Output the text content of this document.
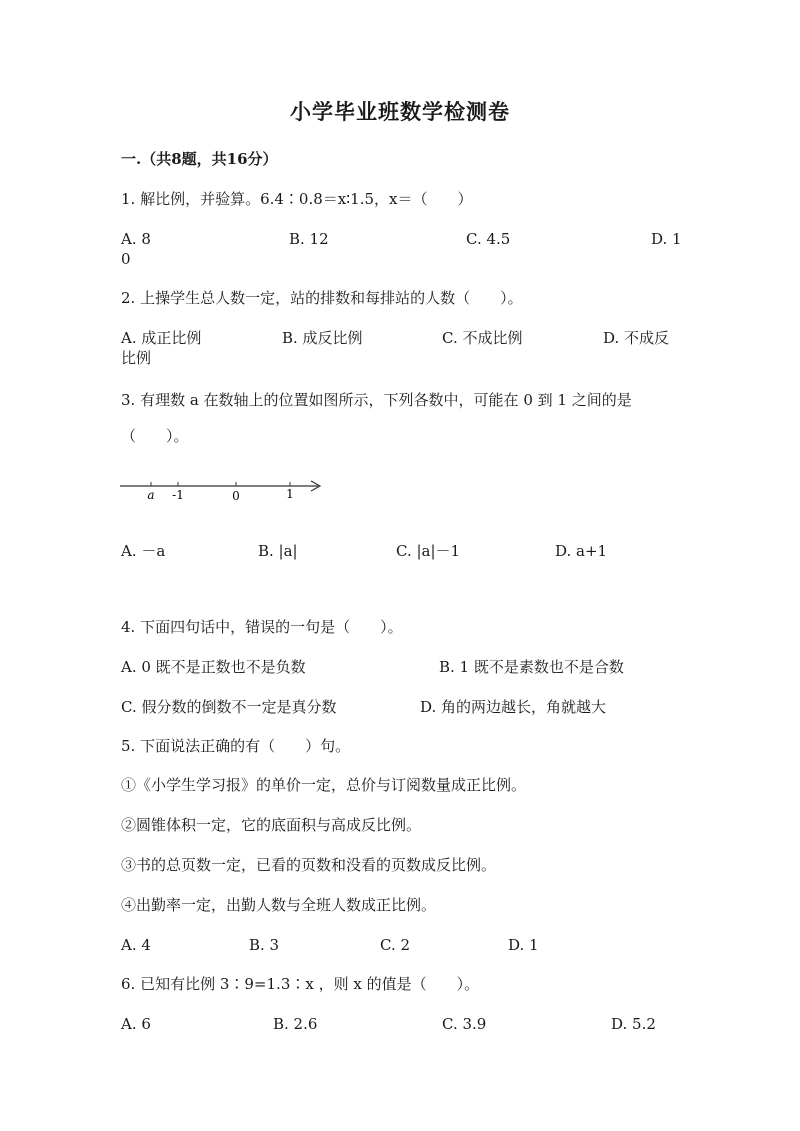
小学毕业班数学检测卷
一.（共8题，共16分）
1. 解比例，并验算。6.4∶0.8＝x∶1.5，x＝（　　）
A. 8	B. 12	C. 4.5	D. 1
0
2. 上操学生总人数一定，站的排数和每排站的人数（　　）。
A. 成正比例	B. 成反比例	C. 不成比例	D. 不成反
比例
3. 有理数 a 在数轴上的位置如图所示，下列各数中，可能在 0 到 1 之间的是
（　　）。
a -1	0	1
A. －a	B. |a|	C. |a|－1	D. a+1
4. 下面四句话中，错误的一句是（　　）。
A. 0 既不是正数也不是负数	B. 1 既不是素数也不是合数
C. 假分数的倒数不一定是真分数	D. 角的两边越长，角就越大
5. 下面说法正确的有（　　）句。
①《小学生学习报》的单价一定，总价与订阅数量成正比例。
②圆锥体积一定，它的底面积与高成反比例。
③书的总页数一定，已看的页数和没看的页数成反比例。
④出勤率一定，出勤人数与全班人数成正比例。
A. 4	B. 3	C. 2	D. 1
6. 已知有比例 3∶9=1.3∶x ，则 x 的值是（　　）。
A. 6	B. 2.6	C. 3.9	D. 5.2
